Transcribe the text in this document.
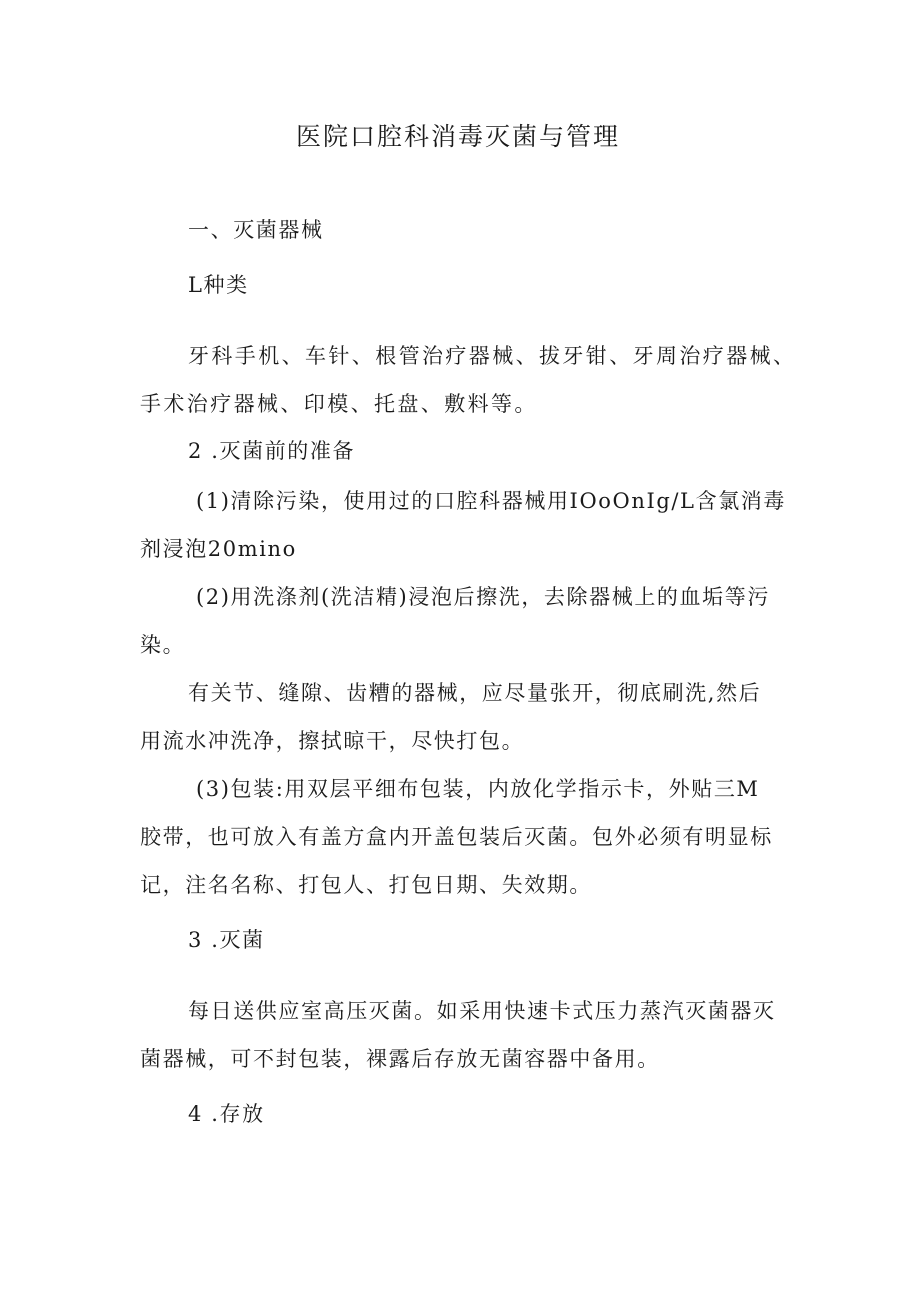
医院口腔科消毒灭菌与管理
一、灭菌器械
L种类
牙科手机、车针、根管治疗器械、拔牙钳、牙周治疗器械、
手术治疗器械、印模、托盘、敷料等。
2 .灭菌前的准备
(1)清除污染，使用过的口腔科器械用IOoOnIg/L含氯消毒
剂浸泡20mino
(2)用洗涤剂(洗洁精)浸泡后擦洗，去除器械上的血垢等污
染。
有关节、缝隙、齿糟的器械，应尽量张开，彻底刷洗,然后
用流水冲洗净，擦拭晾干，尽快打包。
(3)包装:用双层平细布包装，内放化学指示卡，外贴三M
胶带，也可放入有盖方盒内开盖包装后灭菌。包外必须有明显标
记，注名名称、打包人、打包日期、失效期。
3 .灭菌
每日送供应室高压灭菌。如采用快速卡式压力蒸汽灭菌器灭
菌器械，可不封包装，裸露后存放无菌容器中备用。
4 .存放
